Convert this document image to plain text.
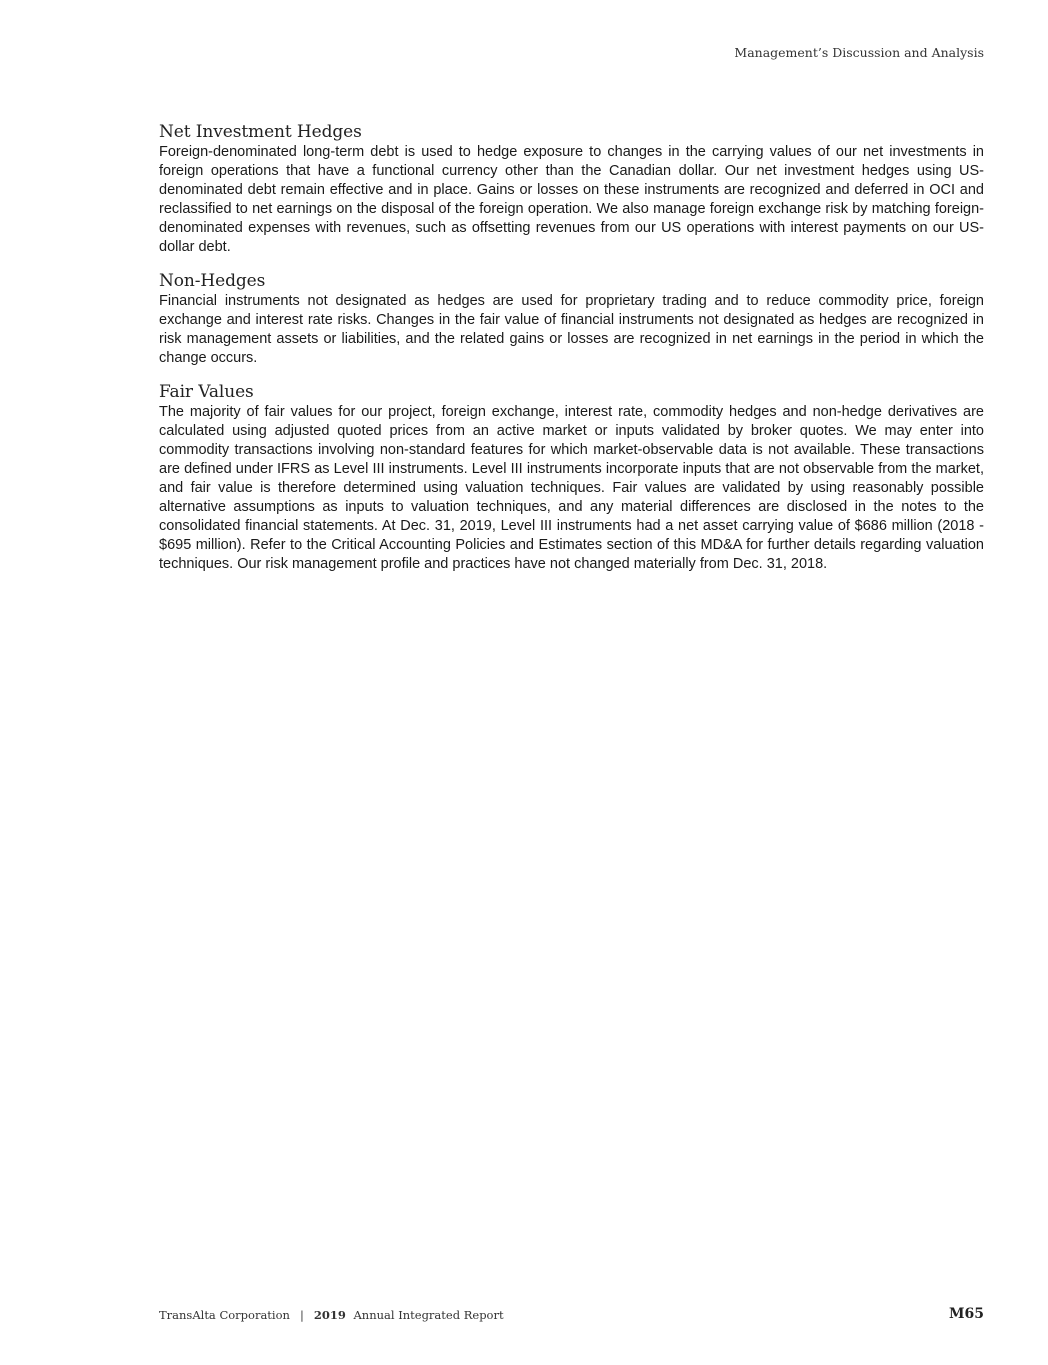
Management’s Discussion and Analysis
Net Investment Hedges

Foreign-denominated long-term debt is used to hedge exposure to changes in the carrying values of our net investments in foreign operations that have a functional currency other than the Canadian dollar. Our net investment hedges using US-denominated debt remain effective and in place. Gains or losses on these instruments are recognized and deferred in OCI and reclassified to net earnings on the disposal of the foreign operation. We also manage foreign exchange risk by matching foreign-denominated expenses with revenues, such as offsetting revenues from our US operations with interest payments on our US-dollar debt.

Non-Hedges

Financial instruments not designated as hedges are used for proprietary trading and to reduce commodity price, foreign exchange and interest rate risks. Changes in the fair value of financial instruments not designated as hedges are recognized in risk management assets or liabilities, and the related gains or losses are recognized in net earnings in the period in which the change occurs.

Fair Values

The majority of fair values for our project, foreign exchange, interest rate, commodity hedges and non-hedge derivatives are calculated using adjusted quoted prices from an active market or inputs validated by broker quotes. We may enter into commodity transactions involving non-standard features for which market-observable data is not available. These transactions are defined under IFRS as Level III instruments. Level III instruments incorporate inputs that are not observable from the market, and fair value is therefore determined using valuation techniques. Fair values are validated by using reasonably possible alternative assumptions as inputs to valuation techniques, and any material differences are disclosed in the notes to the consolidated financial statements. At Dec. 31, 2019, Level III instruments had a net asset carrying value of $686 million (2018 - $695 million). Refer to the Critical Accounting Policies and Estimates section of this MD&A for further details regarding valuation techniques. Our risk management profile and practices have not changed materially from Dec. 31, 2018.

TransAlta Corporation | 2019 Annual Integrated Report	M65
